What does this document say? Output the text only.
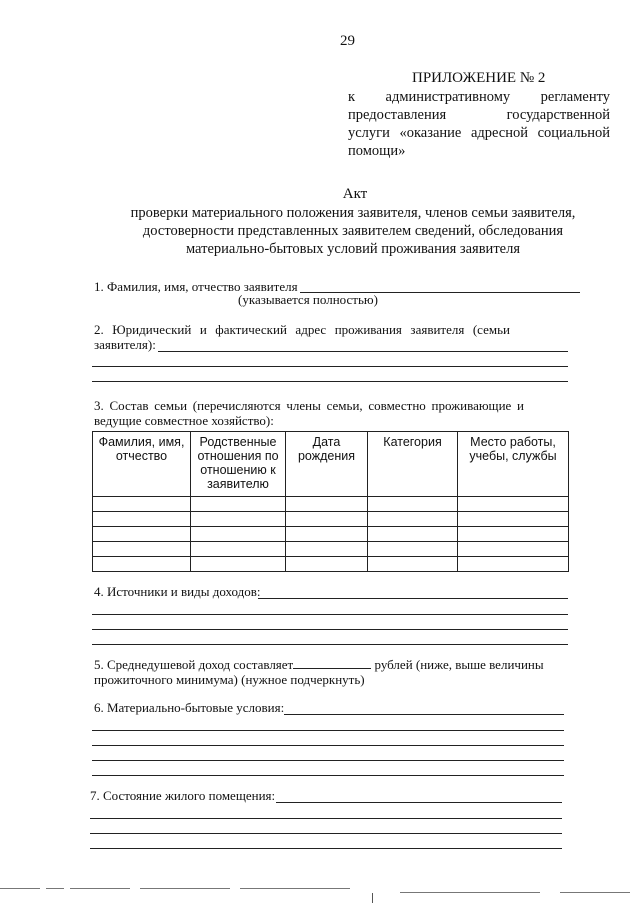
29
ПРИЛОЖЕНИЕ № 2
к административному регламенту
предоставления государственной
услуги «оказание адресной социальной
помощи»
Акт
проверки материального положения заявителя, членов семьи заявителя,
достоверности представленных заявителем сведений, обследования
материально-бытовых условий проживания заявителя
1. Фамилия, имя, отчество заявителя
(указывается полностью)
2. Юридический и фактический адрес проживания заявителя (семьи
заявителя):
3. Состав семьи (перечисляются члены семьи, совместно проживающие и
ведущие совместное хозяйство):
Фамилия, имя, отчество	Родственные отношения по отношению к заявителю	Дата рождения	Категория	Место работы, учебы, службы

4. Источники и виды доходов:
5. Среднедушевой доход составляет	рублей (ниже, выше величины
прожиточного минимума) (нужное подчеркнуть)
6. Материально-бытовые условия:
7. Состояние жилого помещения:
